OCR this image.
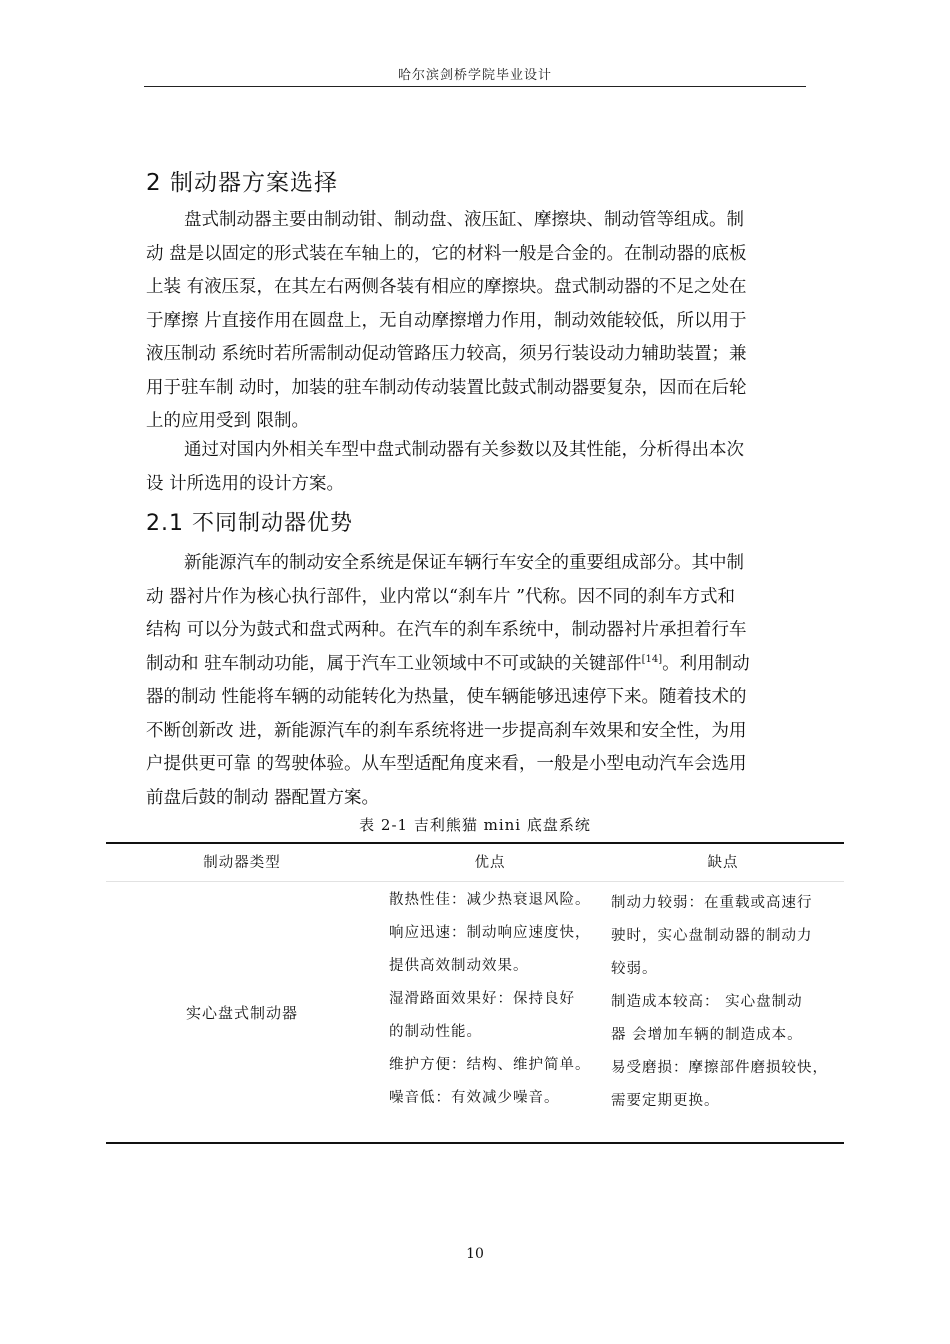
哈尔滨剑桥学院毕业设计
2 制动器方案选择

盘式制动器主要由制动钳、制动盘、液压缸、摩擦块、制动管等组成。制
动 盘是以固定的形式装在车轴上的，它的材料一般是合金的。在制动器的底板
上装 有液压泵，在其左右两侧各装有相应的摩擦块。盘式制动器的不足之处在
于摩擦 片直接作用在圆盘上，无自动摩擦增力作用，制动效能较低，所以用于
液压制动 系统时若所需制动促动管路压力较高，须另行装设动力辅助装置；兼
用于驻车制 动时，加装的驻车制动传动装置比鼓式制动器要复杂，因而在后轮
上的应用受到 限制。

通过对国内外相关车型中盘式制动器有关参数以及其性能，分析得出本次
设 计所选用的设计方案。

2.1 不同制动器优势

新能源汽车的制动安全系统是保证车辆行车安全的重要组成部分。其中制
动 器衬片作为核心执行部件，业内常以“刹车片 ”代称。因不同的刹车方式和
结构 可以分为鼓式和盘式两种。在汽车的刹车系统中，制动器衬片承担着行车
制动和 驻车制动功能，属于汽车工业领域中不可或缺的关键部件[14]。利用制动
器的制动 性能将车辆的动能转化为热量，使车辆能够迅速停下来。随着技术的
不断创新改 进，新能源汽车的刹车系统将进一步提高刹车效果和安全性，为用
户提供更可靠 的驾驶体验。从车型适配角度来看，一般是小型电动汽车会选用
前盘后鼓的制动 器配置方案。

表 2-1 吉利熊猫 mini 底盘系统
制动器类型	优点	缺点
实心盘式制动器
散热性佳：减少热衰退风险。
响应迅速：制动响应速度快，
提供高效制动效果。
湿滑路面效果好：保持良好
的制动性能。
维护方便：结构、维护简单。
噪音低：有效减少噪音。
制动力较弱：在重载或高速行
驶时，实心盘制动器的制动力
较弱。
制造成本较高： 实心盘制动
器 会增加车辆的制造成本。
易受磨损：摩擦部件磨损较快，
需要定期更换。
10
